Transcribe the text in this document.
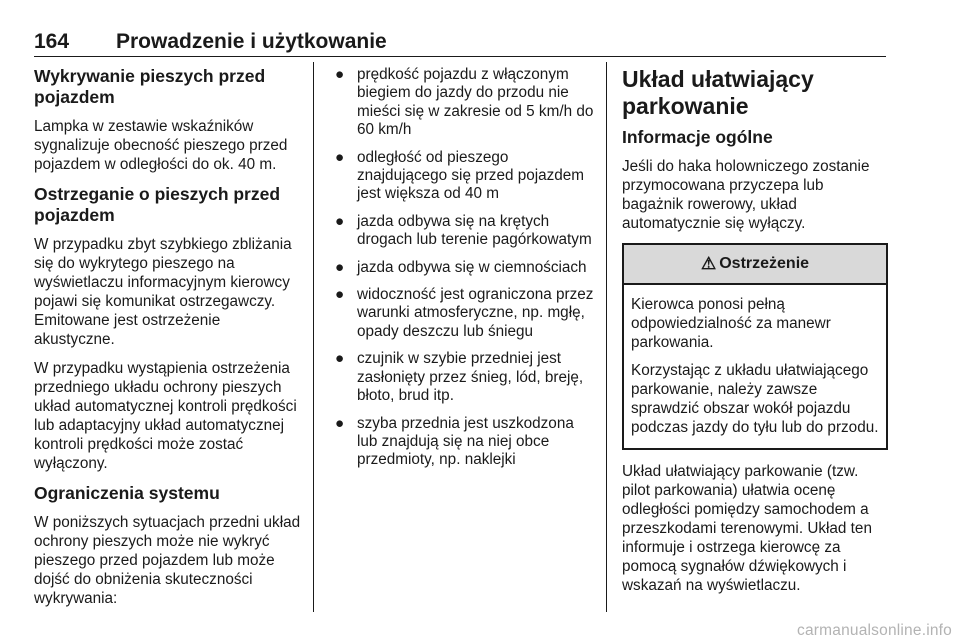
164 Prowadzenie i użytkowanie
Wykrywanie pieszych przed pojazdem

Lampka w zestawie wskaźników sygnalizuje obecność pieszego przed pojazdem w odległości do ok. 40 m.

Ostrzeganie o pieszych przed pojazdem

W przypadku zbyt szybkiego zbliżania się do wykrytego pieszego na wyświetlaczu informacyjnym kierowcy pojawi się komunikat ostrzegawczy. Emitowane jest ostrzeżenie akustyczne.

W przypadku wystąpienia ostrzeżenia przedniego układu ochrony pieszych układ automatycznej kontroli prędkości lub adaptacyjny układ automatycznej kontroli prędkości może zostać wyłączony.

Ograniczenia systemu

W poniższych sytuacjach przedni układ ochrony pieszych może nie wykryć pieszego przed pojazdem lub może dojść do obniżenia skuteczności wykrywania:

● prędkość pojazdu z włączonym biegiem do jazdy do przodu nie mieści się w zakresie od 5 km/h do 60 km/h
● odległość od pieszego znajdującego się przed pojazdem jest większa od 40 m
● jazda odbywa się na krętych drogach lub terenie pagórkowatym
● jazda odbywa się w ciemnościach
● widoczność jest ograniczona przez warunki atmosferyczne, np. mgłę, opady deszczu lub śniegu
● czujnik w szybie przedniej jest zasłonięty przez śnieg, lód, breję, błoto, brud itp.
● szyba przednia jest uszkodzona lub znajdują się na niej obce przedmioty, np. naklejki
Układ ułatwiający parkowanie
Informacje ogólne

Jeśli do haka holowniczego zostanie przymocowana przyczepa lub bagażnik rowerowy, układ automatycznie się wyłączy.

⚠ Ostrzeżenie

Kierowca ponosi pełną odpowiedzialność za manewr parkowania.

Korzystając z układu ułatwiającego parkowanie, należy zawsze sprawdzić obszar wokół pojazdu podczas jazdy do tyłu lub do przodu.

Układ ułatwiający parkowanie (tzw. pilot parkowania) ułatwia ocenę odległości pomiędzy samochodem a przeszkodami terenowymi. Układ ten informuje i ostrzega kierowcę za pomocą sygnałów dźwiękowych i wskazań na wyświetlaczu.

carmanualsonline.info
